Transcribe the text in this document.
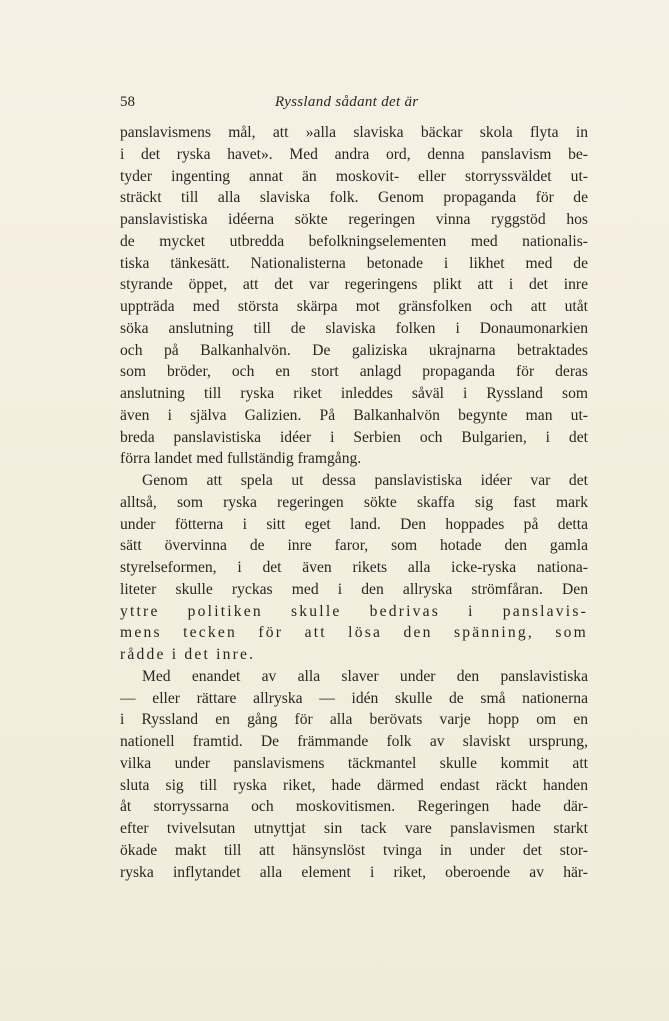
58	Ryssland sådant det är
panslavismens mål, att »alla slaviska bäckar skola flyta in
i det ryska havet». Med andra ord, denna panslavism be-
tyder ingenting annat än moskovit- eller storryssväldet ut-
sträckt till alla slaviska folk. Genom propaganda för de
panslavistiska idéerna sökte regeringen vinna ryggstöd hos
de mycket utbredda befolkningselementen med nationalis-
tiska tänkesätt. Nationalisterna betonade i likhet med de
styrande öppet, att det var regeringens plikt att i det inre
uppträda med största skärpa mot gränsfolken och att utåt
söka anslutning till de slaviska folken i Donaumonarkien
och på Balkanhalvön. De galiziska ukrajnarna betraktades
som bröder, och en stort anlagd propaganda för deras
anslutning till ryska riket inleddes såväl i Ryssland som
även i själva Galizien. På Balkanhalvön begynte man ut-
breda panslavistiska idéer i Serbien och Bulgarien, i det
förra landet med fullständig framgång.
Genom att spela ut dessa panslavistiska idéer var det
alltså, som ryska regeringen sökte skaffa sig fast mark
under fötterna i sitt eget land. Den hoppades på detta
sätt övervinna de inre faror, som hotade den gamla
styrelseformen, i det även rikets alla icke-ryska nationa-
liteter skulle ryckas med i den allryska strömfåran. Den
yttre politiken skulle bedrivas i panslavis-
mens tecken för att lösa den spänning, som
rådde i det inre.
Med enandet av alla slaver under den panslavistiska
— eller rättare allryska — idén skulle de små nationerna
i Ryssland en gång för alla berövats varje hopp om en
nationell framtid. De främmande folk av slaviskt ursprung,
vilka under panslavismens täckmantel skulle kommit att
sluta sig till ryska riket, hade därmed endast räckt handen
åt storryssarna och moskovitismen. Regeringen hade där-
efter tvivelsutan utnyttjat sin tack vare panslavismen starkt
ökade makt till att hänsynslöst tvinga in under det stor-
ryska inflytandet alla element i riket, oberoende av här-
